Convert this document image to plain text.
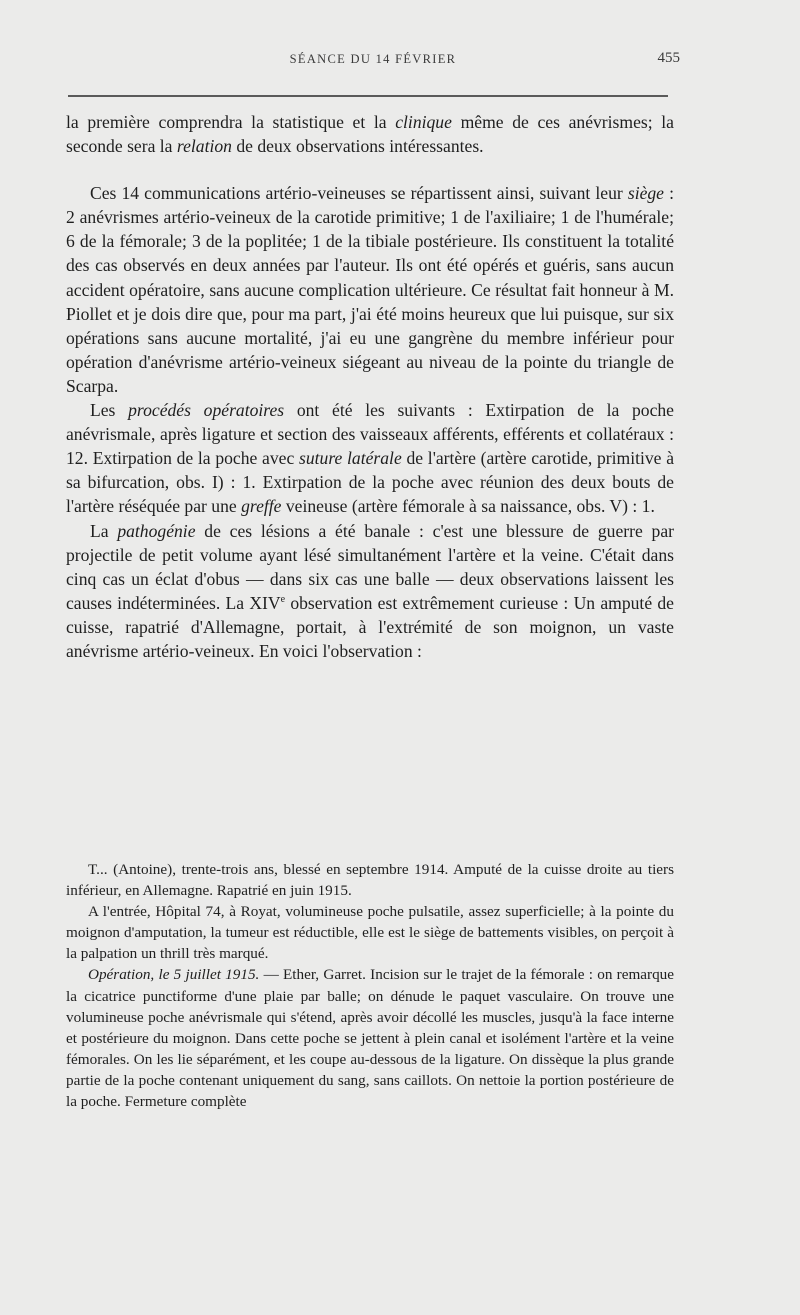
SÉANCE DU 14 FÉVRIER	455

la première comprendra la statistique et la clinique même de ces anévrismes; la seconde sera la relation de deux observations intéressantes.

Ces 14 communications artério-veineuses se répartissent ainsi, suivant leur siège : 2 anévrismes artério-veineux de la carotide primitive; 1 de l'axiliaire; 1 de l'humérale; 6 de la fémorale; 3 de la poplitée; 1 de la tibiale postérieure. Ils constituent la totalité des cas observés en deux années par l'auteur. Ils ont été opérés et guéris, sans aucun accident opératoire, sans aucune complication ultérieure. Ce résultat fait honneur à M. Piollet et je dois dire que, pour ma part, j'ai été moins heureux que lui puisque, sur six opérations sans aucune mortalité, j'ai eu une gangrène du membre inférieur pour opération d'anévrisme artério-veineux siégeant au niveau de la pointe du triangle de Scarpa.

Les procédés opératoires ont été les suivants : Extirpation de la poche anévrismale, après ligature et section des vaisseaux afférents, efférents et collatéraux : 12. Extirpation de la poche avec suture latérale de l'artère (artère carotide, primitive à sa bifurcation, obs. I) : 1. Extirpation de la poche avec réunion des deux bouts de l'artère réséquée par une greffe veineuse (artère fémorale à sa naissance, obs. V) : 1.

La pathogénie de ces lésions a été banale : c'est une blessure de guerre par projectile de petit volume ayant lésé simultanément l'artère et la veine. C'était dans cinq cas un éclat d'obus — dans six cas une balle — deux observations laissent les causes indéterminées. La XIVe observation est extrêmement curieuse : Un amputé de cuisse, rapatrié d'Allemagne, portait, à l'extrémité de son moignon, un vaste anévrisme artério-veineux. En voici l'observation :

T... (Antoine), trente-trois ans, blessé en septembre 1914. Amputé de la cuisse droite au tiers inférieur, en Allemagne. Rapatrié en juin 1915.

A l'entrée, Hôpital 74, à Royat, volumineuse poche pulsatile, assez superficielle; à la pointe du moignon d'amputation, la tumeur est réductible, elle est le siège de battements visibles, on perçoit à la palpation un thrill très marqué.

Opération, le 5 juillet 1915. — Ether, Garret. Incision sur le trajet de la fémorale : on remarque la cicatrice punctiforme d'une plaie par balle; on dénude le paquet vasculaire. On trouve une volumineuse poche anévrismale qui s'étend, après avoir décollé les muscles, jusqu'à la face interne et postérieure du moignon. Dans cette poche se jettent à plein canal et isolément l'artère et la veine fémorales. On les lie séparément, et les coupe au-dessous de la ligature. On dissèque la plus grande partie de la poche contenant uniquement du sang, sans caillots. On nettoie la portion postérieure de la poche. Fermeture complète
